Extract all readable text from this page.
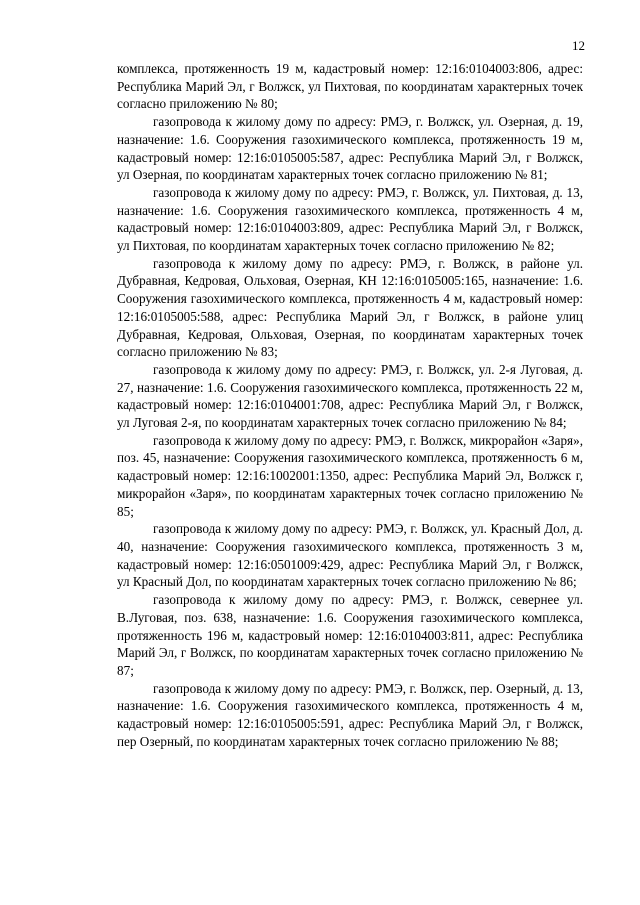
12

комплекса, протяженность 19 м, кадастровый номер: 12:16:0104003:806, адрес: Республика Марий Эл, г Волжск, ул Пихтовая, по координатам характерных точек согласно приложению № 80;

газопровода к жилому дому по адресу: РМЭ, г. Волжск, ул. Озерная, д. 19, назначение: 1.6. Сооружения газохимического комплекса, протяженность 19 м, кадастровый номер: 12:16:0105005:587, адрес: Республика Марий Эл, г Волжск, ул Озерная, по координатам характерных точек согласно приложению № 81;

газопровода к жилому дому по адресу: РМЭ, г. Волжск, ул. Пихтовая, д. 13, назначение: 1.6. Сооружения газохимического комплекса, протяженность 4 м, кадастровый номер: 12:16:0104003:809, адрес: Республика Марий Эл, г Волжск, ул Пихтовая, по координатам характерных точек согласно приложению № 82;

газопровода к жилому дому по адресу: РМЭ, г. Волжск, в районе ул. Дубравная, Кедровая, Ольховая, Озерная, КН 12:16:0105005:165, назначение: 1.6. Сооружения газохимического комплекса, протяженность 4 м, кадастровый номер: 12:16:0105005:588, адрес: Республика Марий Эл, г Волжск, в районе улиц Дубравная, Кедровая, Ольховая, Озерная, по координатам характерных точек согласно приложению № 83;

газопровода к жилому дому по адресу: РМЭ, г. Волжск, ул. 2-я Луговая, д. 27, назначение: 1.6. Сооружения газохимического комплекса, протяженность 22 м, кадастровый номер: 12:16:0104001:708, адрес: Республика Марий Эл, г Волжск, ул Луговая 2-я, по координатам характерных точек согласно приложению № 84;

газопровода к жилому дому по адресу: РМЭ, г. Волжск, микрорайон «Заря», поз. 45, назначение: Сооружения газохимического комплекса, протяженность 6 м, кадастровый номер: 12:16:1002001:1350, адрес: Республика Марий Эл, Волжск г, микрорайон «Заря», по координатам характерных точек согласно приложению № 85;

газопровода к жилому дому по адресу: РМЭ, г. Волжск, ул. Красный Дол, д. 40, назначение: Сооружения газохимического комплекса, протяженность 3 м, кадастровый номер: 12:16:0501009:429, адрес: Республика Марий Эл, г Волжск, ул Красный Дол, по координатам характерных точек согласно приложению № 86;

газопровода к жилому дому по адресу: РМЭ, г. Волжск, севернее ул. В.Луговая, поз. 638, назначение: 1.6. Сооружения газохимического комплекса, протяженность 196 м, кадастровый номер: 12:16:0104003:811, адрес: Республика Марий Эл, г Волжск, по координатам характерных точек согласно приложению № 87;

газопровода к жилому дому по адресу: РМЭ, г. Волжск, пер. Озерный, д. 13, назначение: 1.6. Сооружения газохимического комплекса, протяженность 4 м, кадастровый номер: 12:16:0105005:591, адрес: Республика Марий Эл, г Волжск, пер Озерный, по координатам характерных точек согласно приложению № 88;
